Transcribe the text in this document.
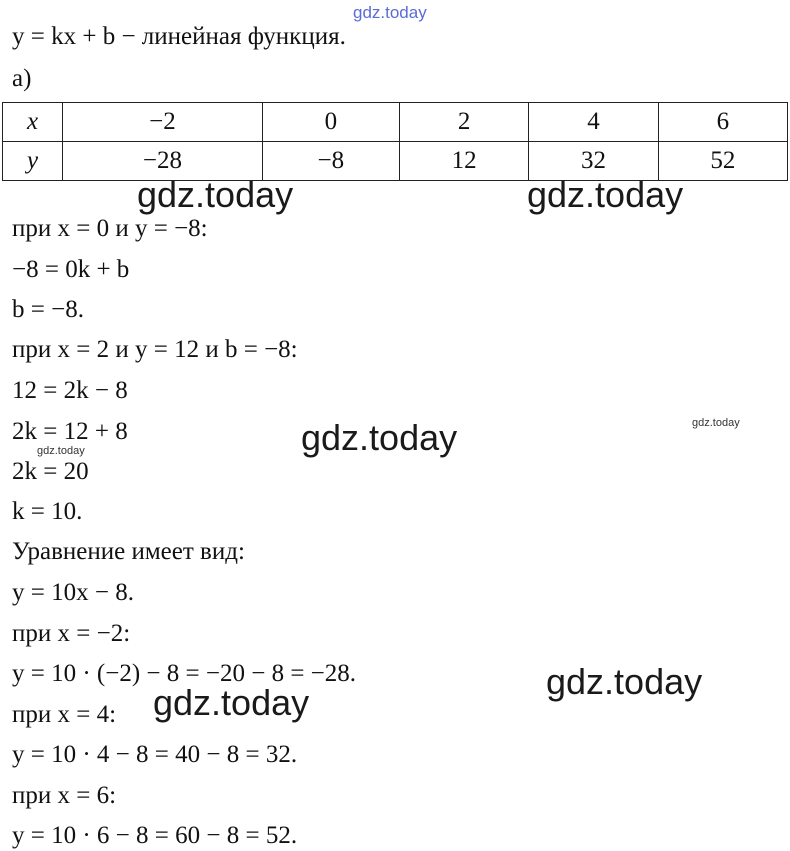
gdz.today
y = kx + b − линейная функция.
а)
x	−2	0	2	4	6
y	−28	−8	12	32	52
gdz.today	gdz.today
при x = 0 и y = −8:
−8 = 0k + b
b = −8.
при x = 2 и y = 12 и b = −8:
12 = 2k − 8
2k = 12 + 8	gdz.today	gdz.today
gdz.today
2k = 20
k = 10.
Уравнение имеет вид:
y = 10x − 8.
при x = −2:
y = 10 · (−2) − 8 = −20 − 8 = −28.	gdz.today
gdz.today
при x = 4:
y = 10 · 4 − 8 = 40 − 8 = 32.
при x = 6:
y = 10 · 6 − 8 = 60 − 8 = 52.
